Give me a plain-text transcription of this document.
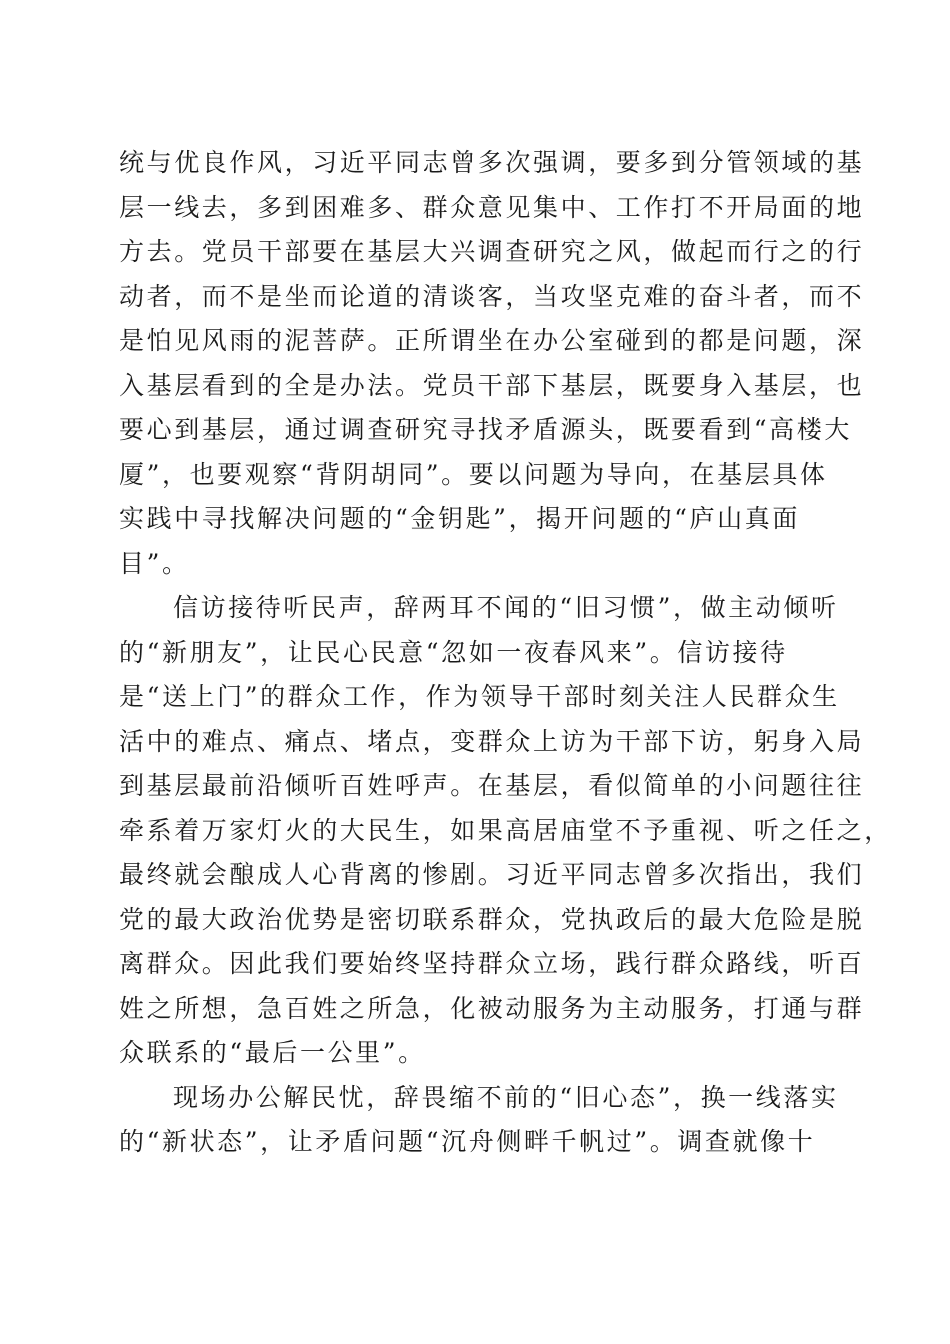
统与优良作风，习近平同志曾多次强调，要多到分管领域的基
层一线去，多到困难多、群众意见集中、工作打不开局面的地
方去。党员干部要在基层大兴调查研究之风，做起而行之的行
动者，而不是坐而论道的清谈客，当攻坚克难的奋斗者，而不
是怕见风雨的泥菩萨。正所谓坐在办公室碰到的都是问题，深
入基层看到的全是办法。党员干部下基层，既要身入基层，也
要心到基层，通过调查研究寻找矛盾源头，既要看到“高楼大
厦”，也要观察“背阴胡同”。要以问题为导向，在基层具体
实践中寻找解决问题的“金钥匙”，揭开问题的“庐山真面
目”。
信访接待听民声，辞两耳不闻的“旧习惯”，做主动倾听
的“新朋友”，让民心民意“忽如一夜春风来”。信访接待
是“送上门”的群众工作，作为领导干部时刻关注人民群众生
活中的难点、痛点、堵点，变群众上访为干部下访，躬身入局
到基层最前沿倾听百姓呼声。在基层，看似简单的小问题往往
牵系着万家灯火的大民生，如果高居庙堂不予重视、听之任之，
最终就会酿成人心背离的惨剧。习近平同志曾多次指出，我们
党的最大政治优势是密切联系群众，党执政后的最大危险是脱
离群众。因此我们要始终坚持群众立场，践行群众路线，听百
姓之所想，急百姓之所急，化被动服务为主动服务，打通与群
众联系的“最后一公里”。
现场办公解民忧，辞畏缩不前的“旧心态”，换一线落实
的“新状态”，让矛盾问题“沉舟侧畔千帆过”。调查就像十
